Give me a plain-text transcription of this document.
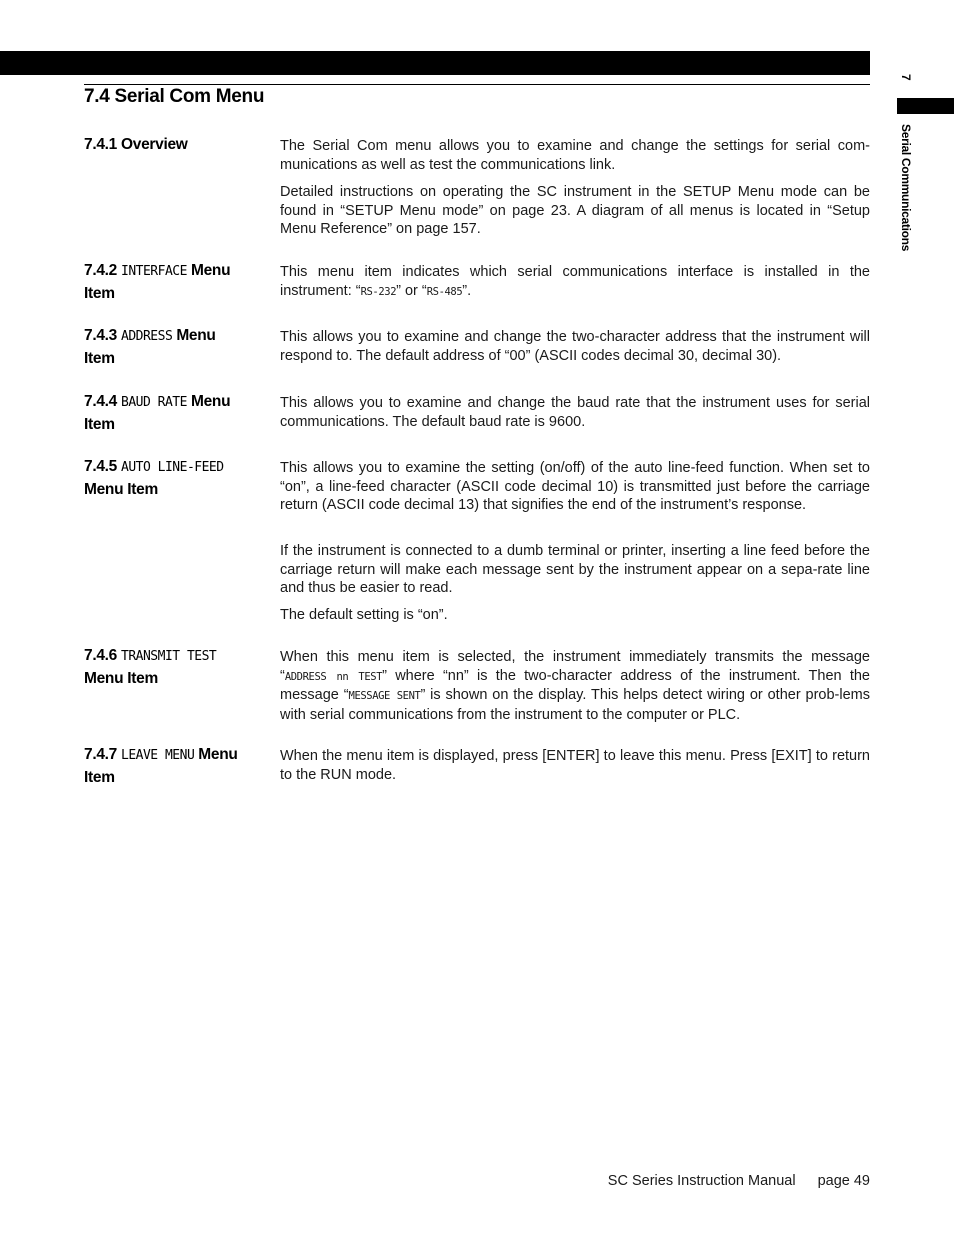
7
Serial Communications
7.4 Serial Com Menu
7.4.1 Overview	The Serial Com menu allows you to examine and change the settings for serial com-munications as well as test the communications link.

Detailed instructions on operating the SC instrument in the SETUP Menu mode can be found in “SETUP Menu mode” on page 23. A diagram of all menus is located in “Setup Menu Reference” on page 157.

7.4.2 INTERFACE Menu
Item

This menu item indicates which serial communications interface is installed in the instrument: “RS-232” or “RS-485”.

7.4.3 ADDRESS Menu
Item

This allows you to examine and change the two-character address that the instrument will respond to. The default address of “00” (ASCII codes decimal 30, decimal 30).

7.4.4 BAUD RATE Menu
Item

This allows you to examine and change the baud rate that the instrument uses for serial communications. The default baud rate is 9600.

7.4.5 AUTO LINE-FEED
Menu Item

This allows you to examine the setting (on/off) of the auto line-feed function. When set to “on”, a line-feed character (ASCII code decimal 10) is transmitted just before the carriage return (ASCII code decimal 13) that signifies the end of the instrument’s response.

If the instrument is connected to a dumb terminal or printer, inserting a line feed before the carriage return will make each message sent by the instrument appear on a sepa-rate line and thus be easier to read.

The default setting is “on”.

7.4.6 TRANSMIT TEST
Menu Item

When this menu item is selected, the instrument immediately transmits the message “ADDRESS nn TEST” where “nn” is the two-character address of the instrument. Then the message “MESSAGE SENT” is shown on the display. This helps detect wiring or other prob-lems with serial communications from the instrument to the computer or PLC.

7.4.7 LEAVE MENU Menu
Item

When the menu item is displayed, press [ENTER] to leave this menu. Press [EXIT] to return to the RUN mode.

SC Series Instruction Manual page 49
